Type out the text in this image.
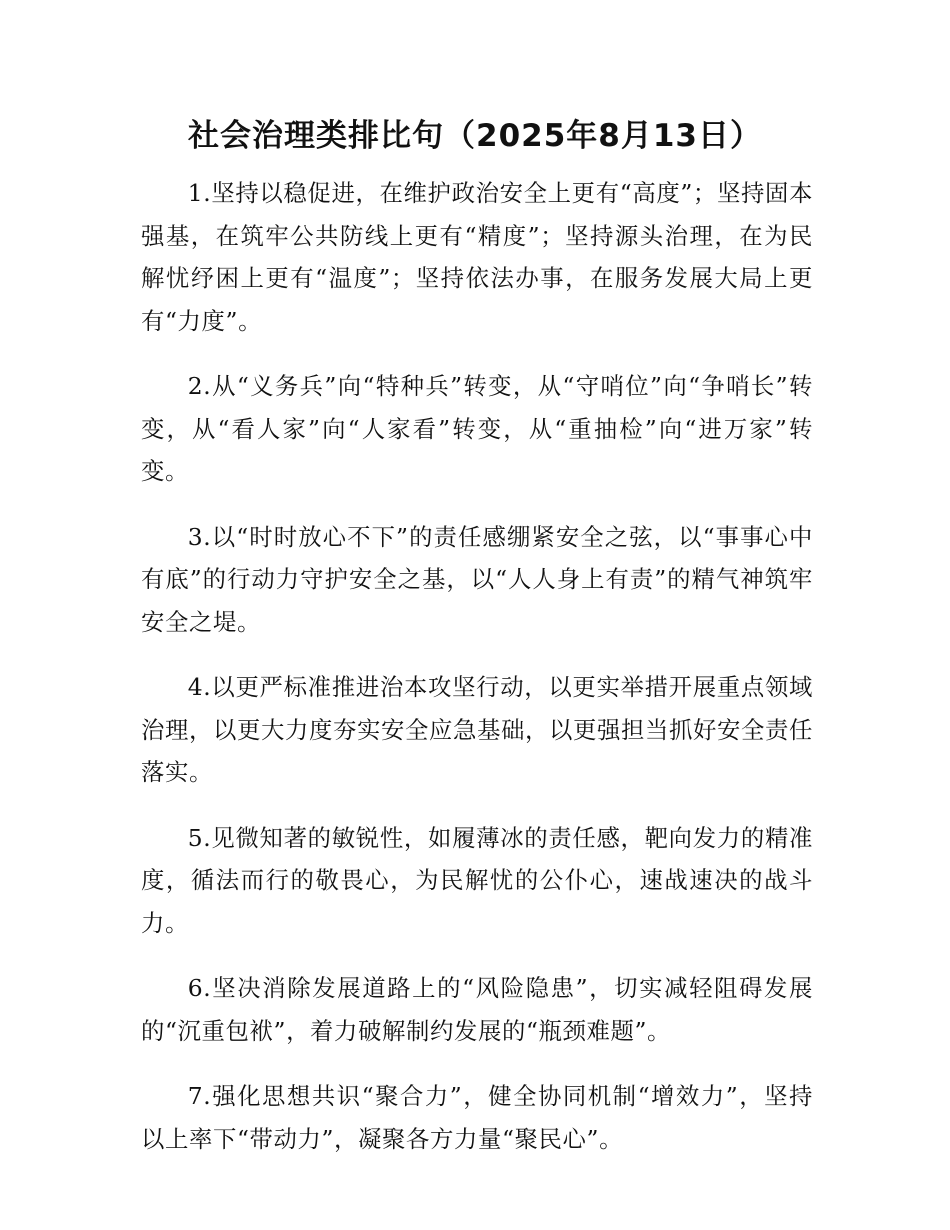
社会治理类排比句（2025年8月13日）

1.坚持以稳促进，在维护政治安全上更有“高度”；坚持固本强基，在筑牢公共防线上更有“精度”；坚持源头治理，在为民解忧纾困上更有“温度”；坚持依法办事，在服务发展大局上更有“力度”。

2.从“义务兵”向“特种兵”转变，从“守哨位”向“争哨长”转变，从“看人家”向“人家看”转变，从“重抽检”向“进万家”转变。

3.以“时时放心不下”的责任感绷紧安全之弦，以“事事心中有底”的行动力守护安全之基，以“人人身上有责”的精气神筑牢安全之堤。

4.以更严标准推进治本攻坚行动，以更实举措开展重点领域治理，以更大力度夯实安全应急基础，以更强担当抓好安全责任落实。

5.见微知著的敏锐性，如履薄冰的责任感，靶向发力的精准度，循法而行的敬畏心，为民解忧的公仆心，速战速决的战斗力。

6.坚决消除发展道路上的“风险隐患”，切实减轻阻碍发展的“沉重包袱”，着力破解制约发展的“瓶颈难题”。

7.强化思想共识“聚合力”，健全协同机制“增效力”，坚持以上率下“带动力”，凝聚各方力量“聚民心”。
